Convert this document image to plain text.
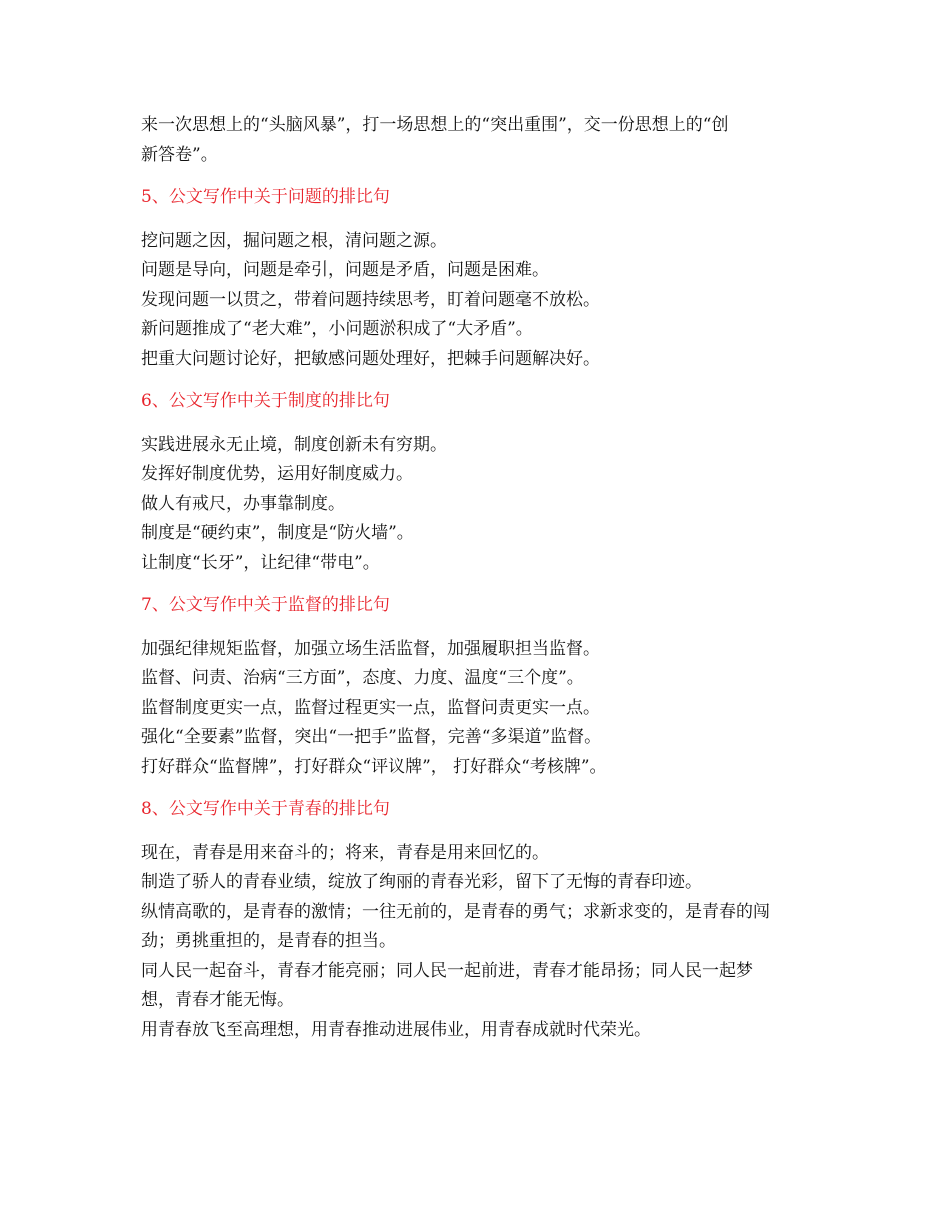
来一次思想上的“头脑风暴”，打一场思想上的“突出重围”，交一份思想上的“创
新答卷”。
5、公文写作中关于问题的排比句
挖问题之因，掘问题之根，清问题之源。
问题是导向，问题是牵引，问题是矛盾，问题是困难。
发现问题一以贯之，带着问题持续思考，盯着问题毫不放松。
新问题推成了“老大难”，小问题淤积成了“大矛盾”。
把重大问题讨论好，把敏感问题处理好，把棘手问题解决好。
6、公文写作中关于制度的排比句
实践进展永无止境，制度创新未有穷期。
发挥好制度优势，运用好制度威力。
做人有戒尺，办事靠制度。
制度是“硬约束”，制度是“防火墙”。
让制度“长牙”，让纪律“带电”。
7、公文写作中关于监督的排比句
加强纪律规矩监督，加强立场生活监督，加强履职担当监督。
监督、问责、治病“三方面”，态度、力度、温度“三个度”。
监督制度更实一点，监督过程更实一点，监督问责更实一点。
强化“全要素”监督，突出“一把手”监督，完善“多渠道”监督。
打好群众“监督牌”，打好群众“评议牌”， 打好群众“考核牌”。
8、公文写作中关于青春的排比句
现在，青春是用来奋斗的；将来，青春是用来回忆的。
制造了骄人的青春业绩，绽放了绚丽的青春光彩，留下了无悔的青春印迹。
纵情高歌的，是青春的激情；一往无前的，是青春的勇气；求新求变的，是青春的闯
劲；勇挑重担的，是青春的担当。
同人民一起奋斗，青春才能亮丽；同人民一起前进，青春才能昂扬；同人民一起梦
想，青春才能无悔。
用青春放飞至高理想，用青春推动进展伟业，用青春成就时代荣光。
